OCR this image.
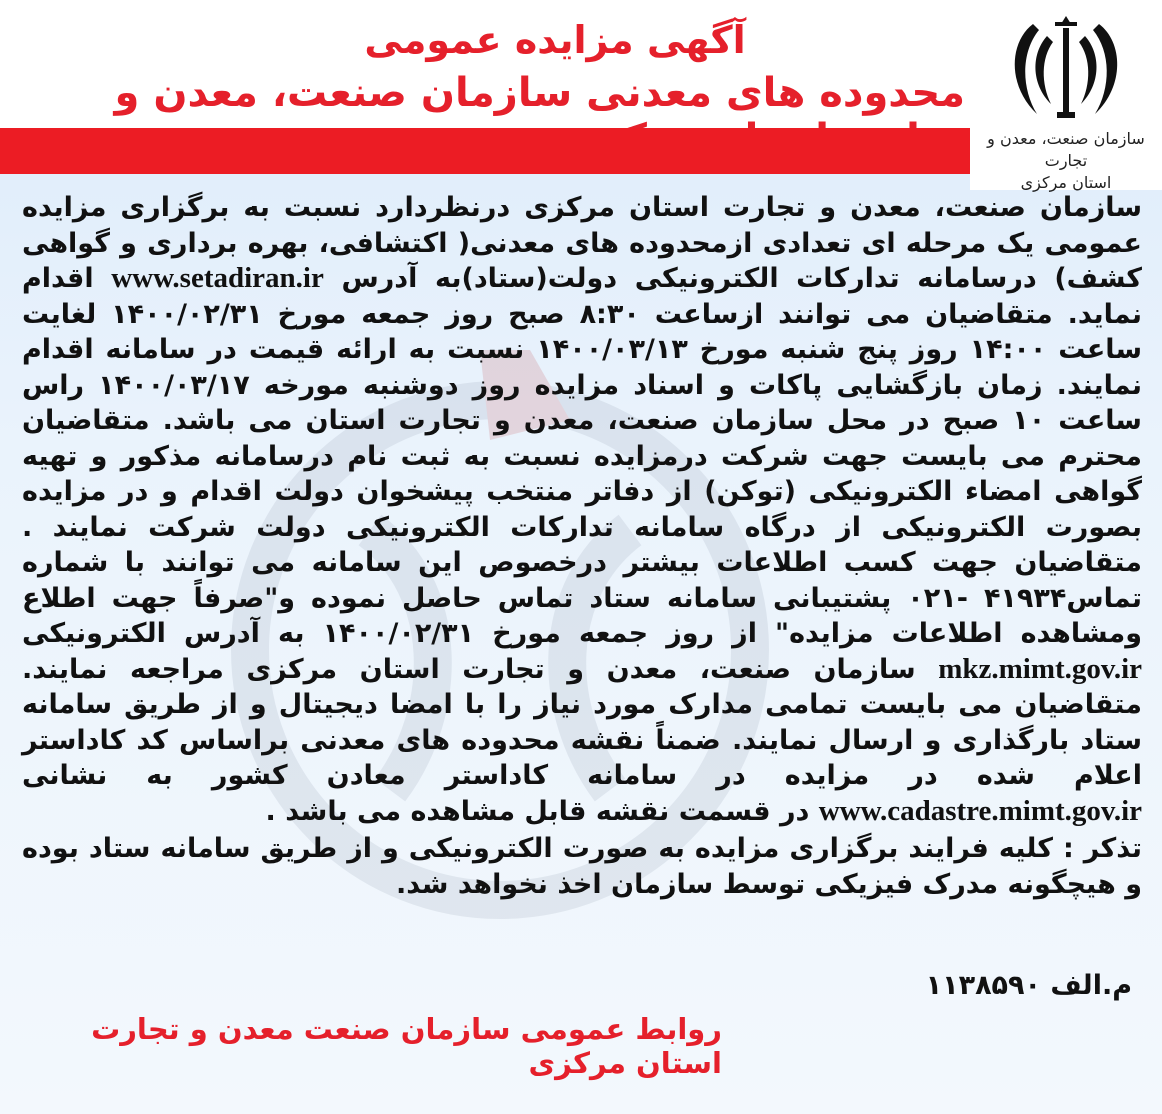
آگهی مزایده عمومی
محدوده های معدنی سازمان صنعت، معدن و
سازمان صنعت، معدن و تجارت
استان مرکزی

سازمان صنعت، معدن و تجارت استان مرکزی درنظردارد نسبت به برگزاری مزایده عمومی یک مرحله ای تعدادی ازمحدوده های معدنی( اکتشافی، بهره برداری و گواهی کشف) درسامانه تدارکات الکترونیکی دولت(ستاد)به آدرس www.setadiran.ir اقدام نماید. متقاضیان می توانند ازساعت ۸:۳۰ صبح روز جمعه مورخ ۱۴۰۰/۰۲/۳۱ لغایت ساعت ۱۴:۰۰ روز پنج شنبه مورخ ۱۴۰۰/۰۳/۱۳ نسبت به ارائه قیمت در سامانه اقدام نمایند. زمان بازگشایی پاکات و اسناد مزایده روز دوشنبه مورخه ۱۴۰۰/۰۳/۱۷ راس ساعت ۱۰ صبح در محل سازمان صنعت، معدن و تجارت استان می باشد. متقاضیان محترم می بایست جهت شرکت درمزایده نسبت به ثبت نام درسامانه مذکور و تهیه گواهی امضاء الکترونیکی (توکن) از دفاتر منتخب پیشخوان دولت اقدام و در مزایده بصورت الکترونیکی از درگاه سامانه تدارکات الکترونیکی دولت شرکت نمایند . متقاضیان جهت کسب اطلاعات بیشتر درخصوص این سامانه می توانند با شماره تماس۴۱۹۳۴ -۰۲۱ پشتیبانی سامانه ستاد تماس حاصل نموده و"صرفاً جهت اطلاع ومشاهده اطلاعات مزایده" از روز جمعه مورخ ۱۴۰۰/۰۲/۳۱ به آدرس الکترونیکی mkz.mimt.gov.ir سازمان صنعت، معدن و تجارت استان مرکزی مراجعه نمایند. متقاضیان می بایست تمامی مدارک مورد نیاز را با امضا دیجیتال و از طریق سامانه ستاد بارگذاری و ارسال نمایند. ضمناً نقشه محدوده های معدنی براساس کد کاداستر اعلام شده در مزایده در سامانه کاداستر معادن کشور به نشانی www.cadastre.mimt.gov.ir در قسمت نقشه قابل مشاهده می باشد .

تذکر : کلیه فرایند برگزاری مزایده به صورت الکترونیکی و از طریق سامانه ستاد بوده و هیچگونه مدرک فیزیکی توسط سازمان اخذ نخواهد شد.

م.الف ۱۱۳۸۵۹۰
روابط عمومی سازمان صنعت معدن و تجارت استان مرکزی
